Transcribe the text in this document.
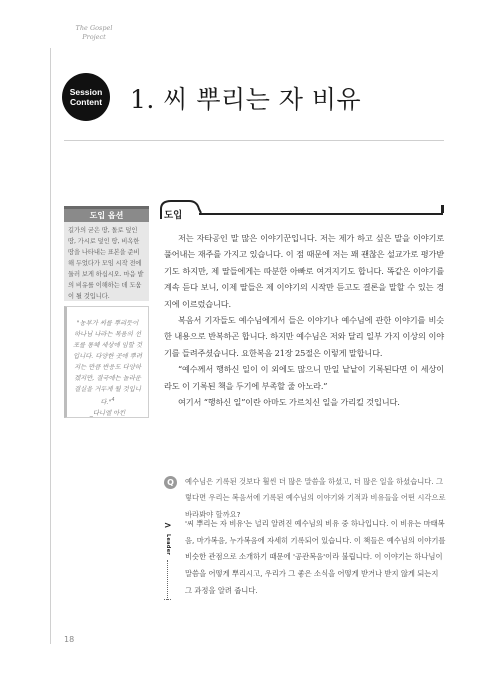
The Gospel
Project
Session
Content	1. 씨 뿌리는 자 비유
도입 옵션
길가의 굳은 땅, 돌로 덮인 땅, 가시로 덮인 땅, 비옥한 땅을 나타내는 표본을 준비해 두었다가 모임 시작 전에 둘러 보게 하십시오. 마음 밭의 비유를 이해하는 데 도움이 될 것입니다.
"농부가 씨를 뿌리듯이 하나님 나라는 복음의 선포를 통해 세상에 임할 것입니다. 다양한 곳에 뿌려지는 만큼 반응도 다양하겠지만, 결국에는 놀라운 결실을 거두게 될 것입니다."$^4$
_다니엘 아킨
도입

저는 자타공인 말 많은 이야기꾼입니다. 저는 제가 하고 싶은 말을 이야기로 풀어내는 재주를 가지고 있습니다. 이 점 때문에 저는 꽤 괜찮은 설교가로 평가받기도 하지만, 제 딸들에게는 따분한 아빠로 여겨지기도 합니다. 똑같은 이야기를 계속 듣다 보니, 이제 딸들은 제 이야기의 시작만 듣고도 결론을 말할 수 있는 경지에 이르렀습니다.

복음서 기자들도 예수님에게서 들은 이야기나 예수님에 관한 이야기를 비슷한 내용으로 반복하곤 합니다. 하지만 예수님은 저와 달리 일부 가지 이상의 이야기를 들려주셨습니다. 요한복음 21장 25절은 이렇게 말합니다.

“예수께서 행하신 일이 이 외에도 많으니 만일 낱낱이 기록된다면 이 세상이라도 이 기록된 책을 두기에 부족할 줄 아노라.”

여기서 “행하신 일”이란 아마도 가르치신 일을 가리킬 것입니다.

Q	예수님은 기록된 것보다 훨씬 더 많은 말씀을 하셨고, 더 많은 일을 하셨습니다. 그렇다면 우리는 복음서에 기록된 예수님의 이야기와 기적과 비유들을 어떤 시각으로 바라봐야 할까요?
>
Leader
'씨 뿌리는 자 비유'는 널리 알려진 예수님의 비유 중 하나입니다. 이 비유는 마태복음, 마가복음, 누가복음에 자세히 기록되어 있습니다. 이 책들은 예수님의 이야기를 비슷한 관점으로 소개하기 때문에 '공관복음'이라 불립니다. 이 이야기는 하나님이 말씀을 어떻게 뿌리시고, 우리가 그 좋은 소식을 어떻게 받거나 받지 않게 되는지 그 과정을 알려 줍니다.
18
